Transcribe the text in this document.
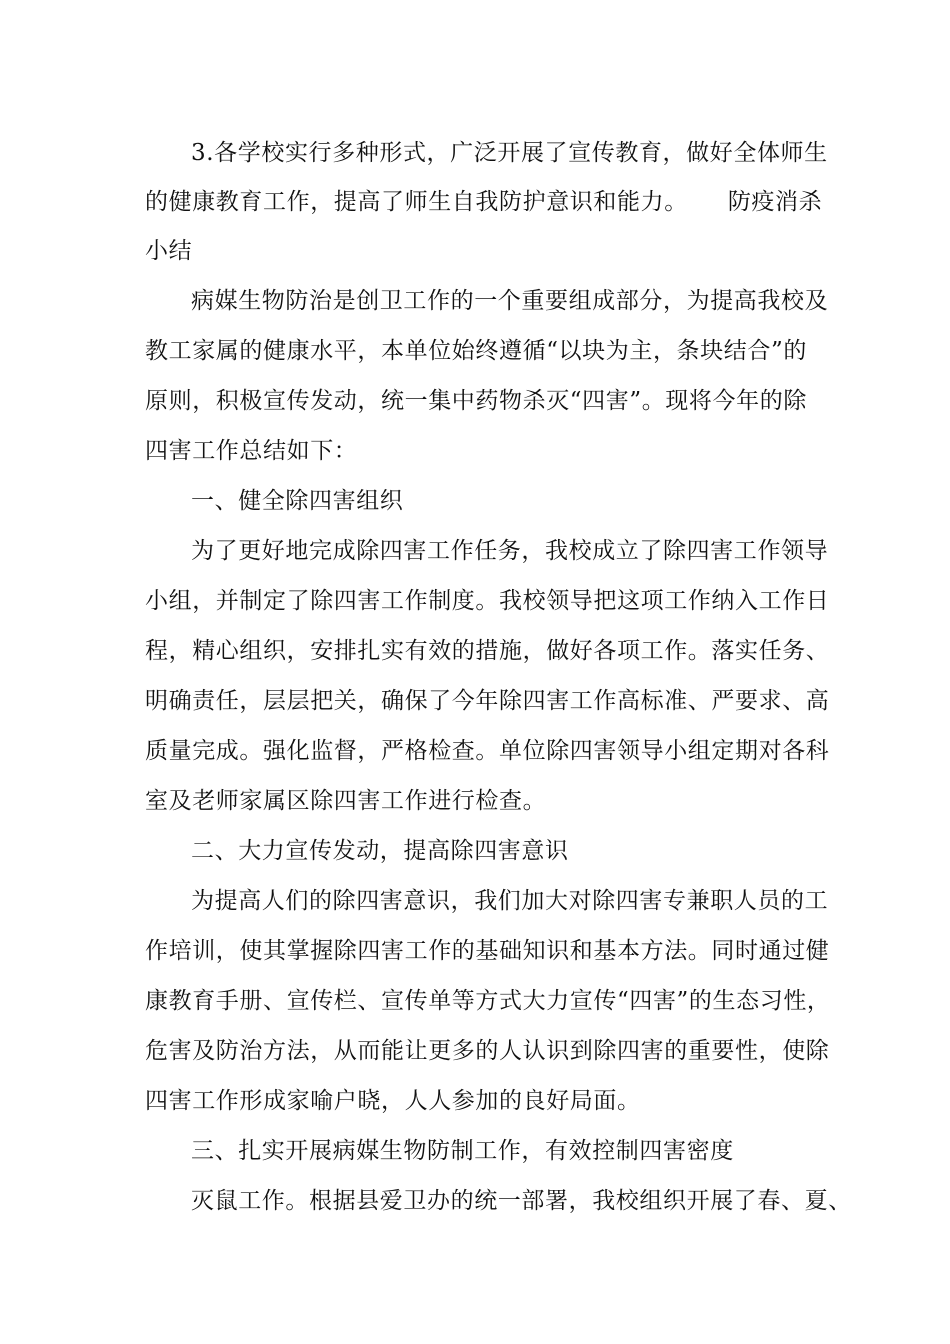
3.各学校实行多种形式，广泛开展了宣传教育，做好全体师生
的健康教育工作，提高了师生自我防护意识和能力。 防疫消杀
小结
病媒生物防治是创卫工作的一个重要组成部分，为提高我校及
教工家属的健康水平，本单位始终遵循“以块为主，条块结合”的
原则，积极宣传发动，统一集中药物杀灭“四害”。现将今年的除
四害工作总结如下：
一、健全除四害组织
为了更好地完成除四害工作任务，我校成立了除四害工作领导
小组，并制定了除四害工作制度。我校领导把这项工作纳入工作日
程，精心组织，安排扎实有效的措施，做好各项工作。落实任务、
明确责任，层层把关，确保了今年除四害工作高标准、严要求、高
质量完成。强化监督，严格检查。单位除四害领导小组定期对各科
室及老师家属区除四害工作进行检查。
二、大力宣传发动，提高除四害意识
为提高人们的除四害意识，我们加大对除四害专兼职人员的工
作培训，使其掌握除四害工作的基础知识和基本方法。同时通过健
康教育手册、宣传栏、宣传单等方式大力宣传“四害”的生态习性，
危害及防治方法，从而能让更多的人认识到除四害的重要性，使除
四害工作形成家喻户晓，人人参加的良好局面。
三、扎实开展病媒生物防制工作，有效控制四害密度
灭鼠工作。根据县爱卫办的统一部署，我校组织开展了春、夏、
